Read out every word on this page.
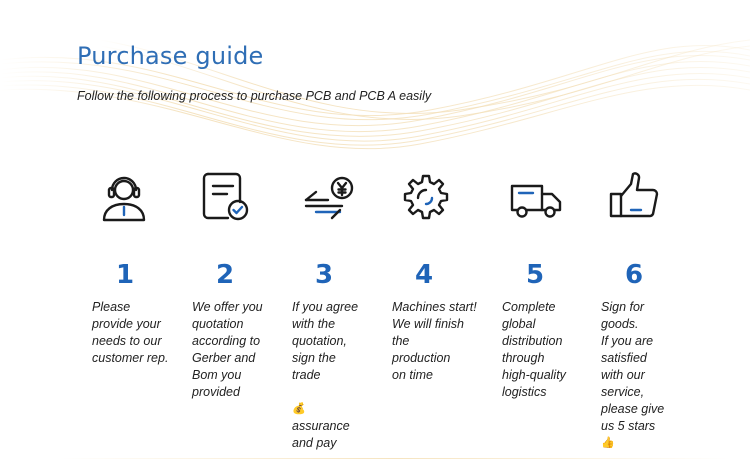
Purchase guide
Follow the following process to purchase PCB and PCB A easily
1
Please
provide your
needs to our
customer rep.
2
We offer you
quotation
according to
Gerber and
Bom you
provided
3
If you agree
with the
quotation,
sign the
trade

💰
assurance
and pay
4
Machines start!
We will finish
the
production
on time
5
Complete
global
distribution
through
high-quality
logistics
6
Sign for
goods.
If you are
satisfied
with our
service,
please give
us 5 stars
👍
